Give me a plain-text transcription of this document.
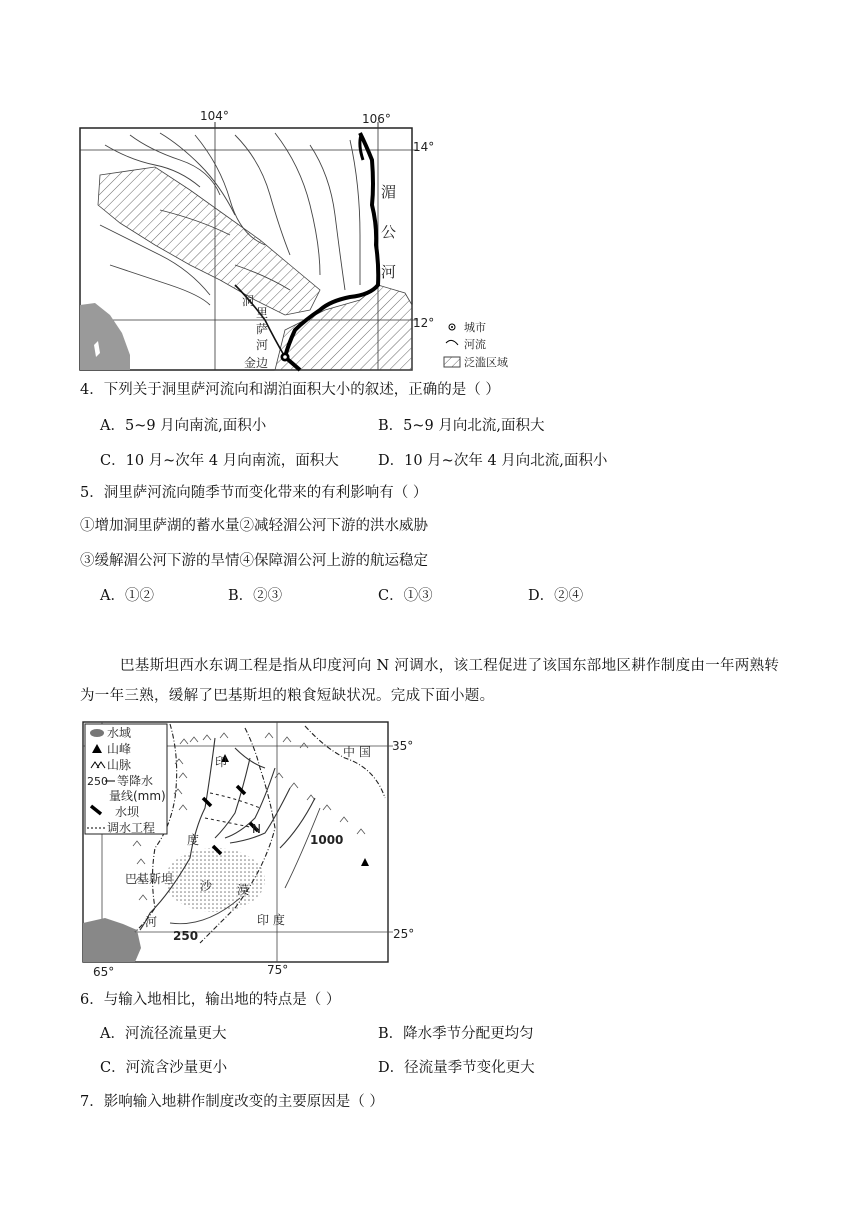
104°	106°
14°
12°
湄
公
河
洞
里
萨
河
金边
城市
河流
泛滥区域
4．下列关于洞里萨河流向和湖泊面积大小的叙述，正确的是（ ）
A．5~9 月向南流,面积小	B．5~9 月向北流,面积大
C．10 月~次年 4 月向南流，面积大	D．10 月~次年 4 月向北流,面积小
5．洞里萨河流向随季节而变化带来的有利影响有（ ）
①增加洞里萨湖的蓄水量②减轻湄公河下游的洪水威胁
③缓解湄公河下游的旱情④保障湄公河上游的航运稳定
A．①②	B．②③	C．①③	D．②④
巴基斯坦西水东调工程是指从印度河向 N 河调水，该工程促进了该国东部地区耕作制度由一年两熟转
为一年三熟，缓解了巴基斯坦的粮食短缺状况。完成下面小题。
水域
山峰
山脉
250 等降水
量线(mm)
水坝
调水工程
35°
25°
65°	75°
印
度
河
中 国
N
1000
250
巴基斯坦 沙 漠
印 度
6．与输入地相比，输出地的特点是（ ）
A．河流径流量更大	B．降水季节分配更均匀
C．河流含沙量更小	D．径流量季节变化更大
7．影响输入地耕作制度改变的主要原因是（ ）
